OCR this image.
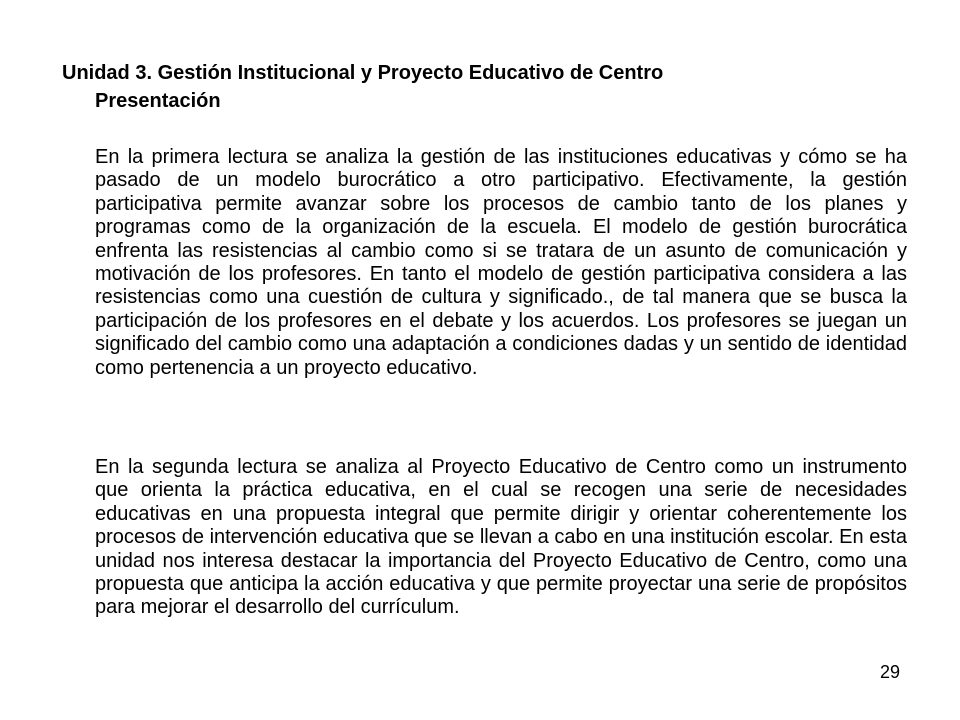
Unidad 3. Gestión Institucional y Proyecto Educativo de Centro
Presentación

En la primera lectura se analiza la gestión de las instituciones educativas y cómo se ha pasado de un modelo burocrático a otro participativo. Efectivamente, la gestión participativa permite avanzar sobre los procesos de cambio tanto de los planes y programas como de la organización de la escuela. El modelo de gestión burocrática enfrenta las resistencias al cambio como si se tratara de un asunto de comunicación y motivación de los profesores. En tanto el modelo de gestión participativa considera a las resistencias como una cuestión de cultura y significado., de tal manera que se busca la participación de los profesores en el debate y los acuerdos. Los profesores se juegan un significado del cambio como una adaptación a condiciones dadas y un sentido de identidad como pertenencia a un proyecto educativo.

En la segunda lectura se analiza al Proyecto Educativo de Centro como un instrumento que orienta la práctica educativa, en el cual se recogen una serie de necesidades educativas en una propuesta integral que permite dirigir y orientar coherentemente los procesos de intervención educativa que se llevan a cabo en una institución escolar. En esta unidad nos interesa destacar la importancia del Proyecto Educativo de Centro, como una propuesta que anticipa la acción educativa y que permite proyectar una serie de propósitos para mejorar el desarrollo del currículum.

29
